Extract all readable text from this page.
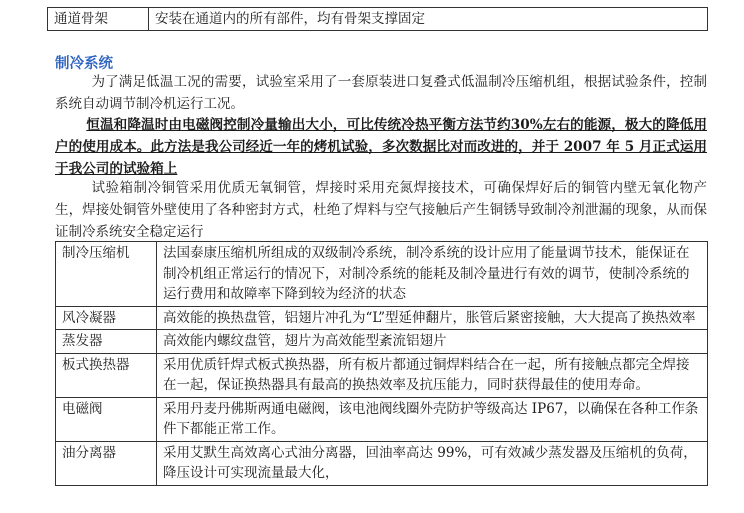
通道骨架	安装在通道内的所有部件，均有骨架支撑固定
制冷系统

为了满足低温工况的需要，试验室采用了一套原装进口复叠式低温制冷压缩机组，根据试验条件，控制系统自动调节制冷机运行工况。

恒温和降温时由电磁阀控制冷量输出大小，可比传统冷热平衡方法节约30%左右的能源，极大的降低用户的使用成本。此方法是我公司经近一年的烤机试验，多次数据比对而改进的，并于 2007 年 5 月正式运用于我公司的试验箱上

试验箱制冷铜管采用优质无氧铜管，焊接时采用充氮焊接技术，可确保焊好后的铜管内壁无氧化物产生，焊接处铜管外壁使用了各种密封方式，杜绝了焊料与空气接触后产生铜锈导致制冷剂泄漏的现象，从而保证制冷系统安全稳定运行

制冷压缩机	法国泰康压缩机所组成的双级制冷系统，制冷系统的设计应用了能量调节技术，能保证在制冷机组正常运行的情况下，对制冷系统的能耗及制冷量进行有效的调节，使制冷系统的运行费用和故障率下降到较为经济的状态
风冷凝器	高效能的换热盘管，铝翅片冲孔为“L”型延伸翻片，胀管后紧密接触，大大提高了换热效率
蒸发器	高效能内螺纹盘管，翅片为高效能型紊流铝翅片
板式换热器	采用优质钎焊式板式换热器，所有板片都通过铜焊料结合在一起，所有接触点都完全焊接在一起，保证换热器具有最高的换热效率及抗压能力，同时获得最佳的使用寿命。
电磁阀	采用丹麦丹佛斯两通电磁阀，该电池阀线圈外壳防护等级高达 IP67，以确保在各种工作条件下都能正常工作。
油分离器	采用艾默生高效离心式油分离器，回油率高达 99%，可有效减少蒸发器及压缩机的负荷，降压设计可实现流量最大化，
